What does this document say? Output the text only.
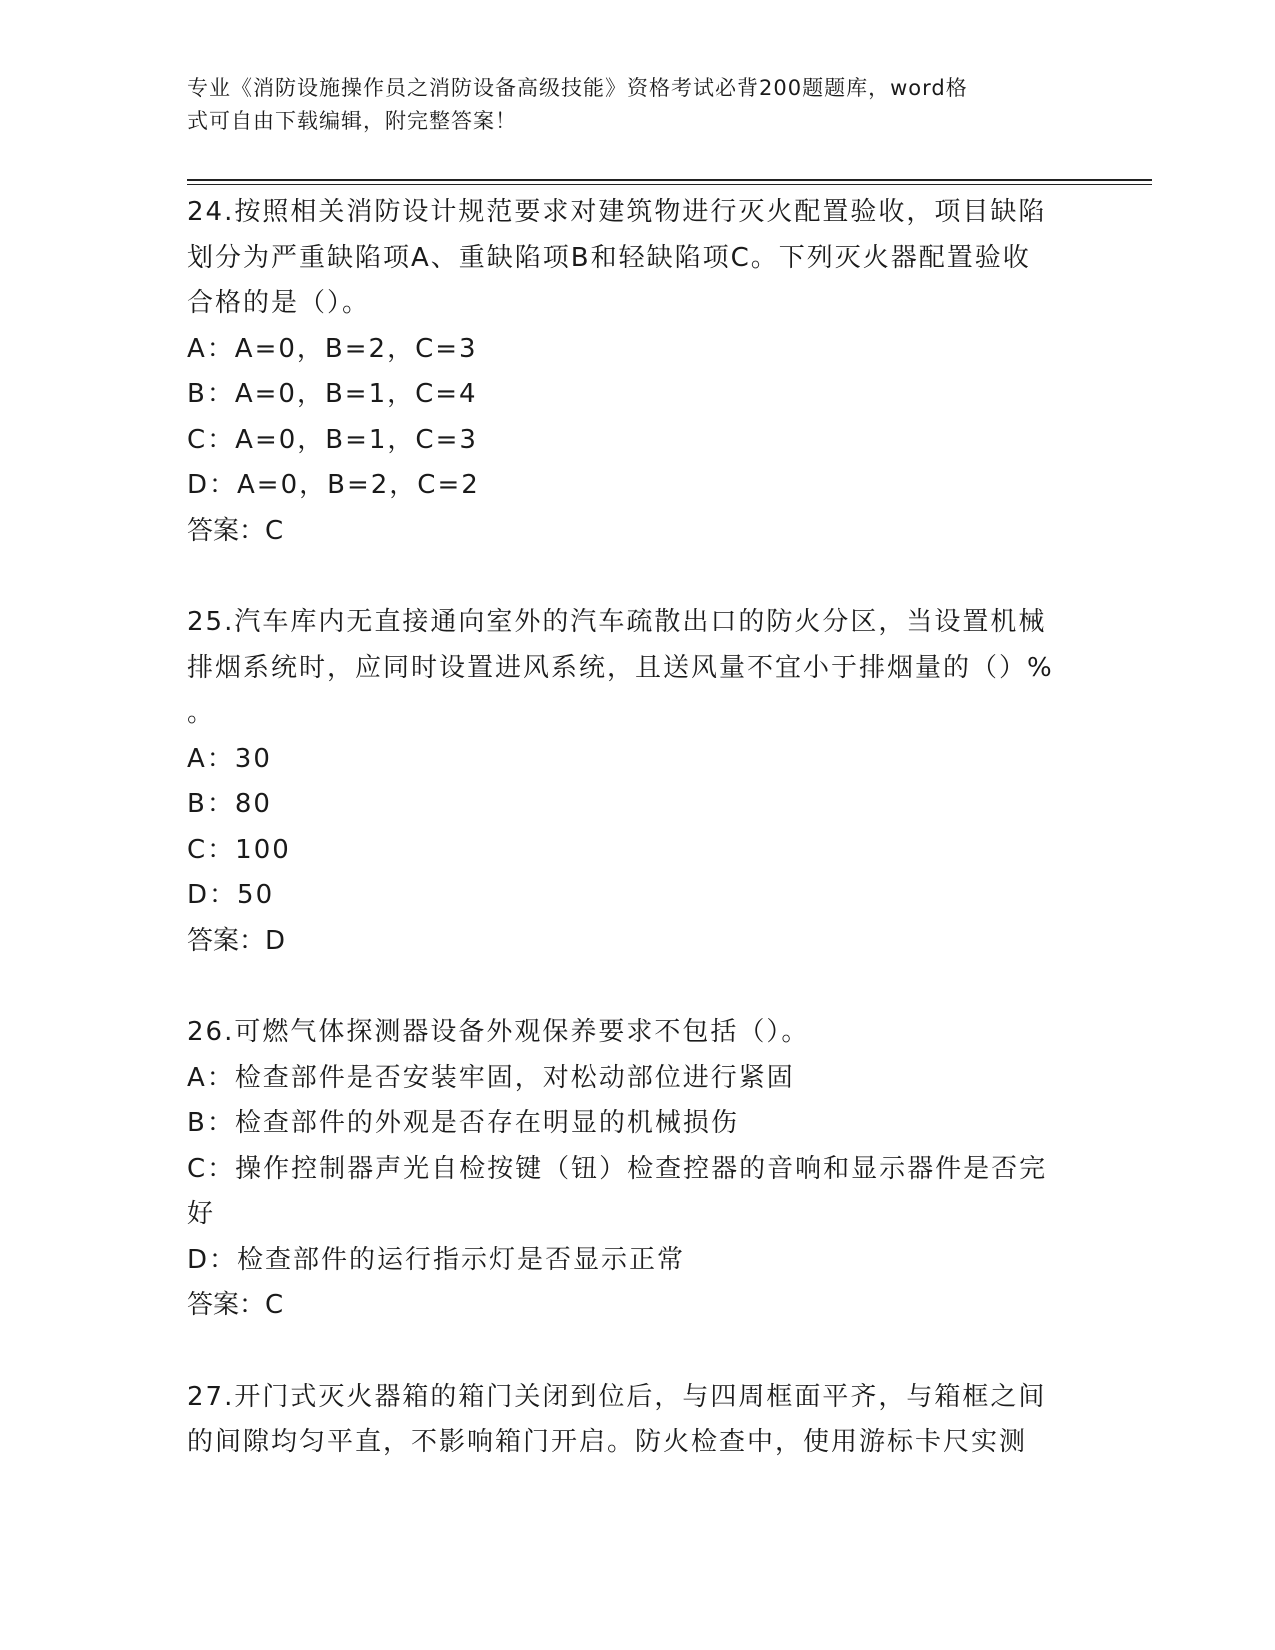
专业《消防设施操作员之消防设备高级技能》资格考试必背200题题库，word格
式可自由下载编辑，附完整答案！
24.按照相关消防设计规范要求对建筑物进行灭火配置验收，项目缺陷
划分为严重缺陷项A、重缺陷项B和轻缺陷项C。下列灭火器配置验收
合格的是（）。
A：A=0，B=2，C=3
B：A=0，B=1，C=4
C：A=0，B=1，C=3
D：A=0，B=2，C=2
答案：C
25.汽车库内无直接通向室外的汽车疏散出口的防火分区，当设置机械
排烟系统时，应同时设置进风系统，且送风量不宜小于排烟量的（）%
。
A：30
B：80
C：100
D：50
答案：D
26.可燃气体探测器设备外观保养要求不包括（）。
A：检查部件是否安装牢固，对松动部位进行紧固
B：检查部件的外观是否存在明显的机械损伤
C：操作控制器声光自检按键（钮）检查控器的音响和显示器件是否完
好
D：检查部件的运行指示灯是否显示正常
答案：C
27.开门式灭火器箱的箱门关闭到位后，与四周框面平齐，与箱框之间
的间隙均匀平直，不影响箱门开启。防火检查中，使用游标卡尺实测
